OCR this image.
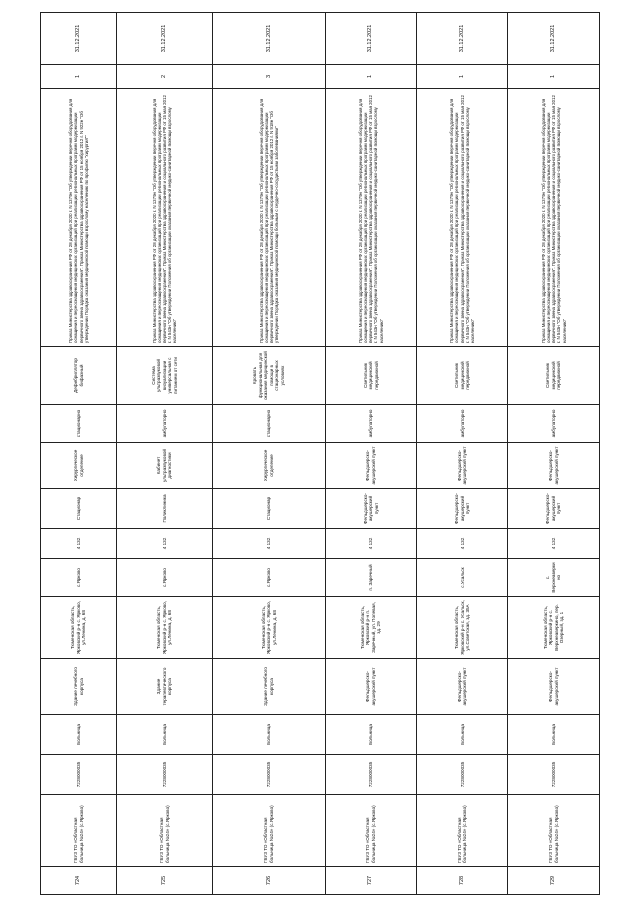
724	ГБУЗ ТО «Областная больница №24» (с.Ярково)	7228000035	Больница	Здание лечебного корпуса	Тюменская область, Ярковский р-н с. Ярково, ул.Ленина, д. 68	с.Ярково	4 132	Стационар	Хирургическое отделение	стационарно	Дефибриллятор бифазный	Приказ Министерства здравоохранения РФ от 28 декабря 2020 г. N 1379н "Об утверждении перечня оборудования для оснащения и переоснащения медицинских организаций при реализации региональных программ модернизации первичного звена здравоохранения". Приказ Министерства здравоохранения РФ от 15 ноября 2012 г. N 922н "Об утверждении Порядка оказания медицинской помощи взрослому населению по профилю "хирургия""	1	31.12.2021
725	ГБУЗ ТО «Областная больница №24» (с.Ярково)	7228000035	Больница	Здание терапевтического корпуса	Тюменская область, Ярковский р-н с. Ярково, ул.Ленина, д. 68	с.Ярково	4 132	Поликлиника	Кабинет ультразвуковой диагностики	амбулаторно	Система ультразвуковой визуализации универсальная с питанием от сети	Приказ Министерства здравоохранения РФ от 28 декабря 2020 г. N 1379н "Об утверждении перечня оборудования для оснащения и переоснащения медицинских организаций при реализации региональных программ модернизации первичного звена здравоохранения". Приказ Министерства здравоохранения и социального развития РФ от 15 мая 2012 г. N 543н "Об утверждении Положения об организации оказания первичной медико-санитарной помощи взрослому населению"	2	31.12.2021
726	ГБУЗ ТО «Областная больница №24» (с.Ярково)	7228000035	Больница	Здание лечебного корпуса	Тюменская область, Ярковский р-н с. Ярково, ул.Ленина, д. 68	с.Ярково	4 132	Стационар	Хирургическое отделение	стационарно	Кровать функциональная для оказания медицинской помощи в стационарных условиях	Приказ Министерства здравоохранения РФ от 28 декабря 2020 г. N 1379н "Об утверждении перечня оборудования для оснащения и переоснащения медицинских организаций при реализации региональных программ модернизации первичного звена здравоохранения". Приказ Министерства здравоохранения РФ от 15 ноября 2012 г. N 918н "Об утверждении Порядка оказания медицинской помощи больным с сердечно-сосудистыми заболеваниями"	3	31.12.2021
727	ГБУЗ ТО «Областная больница №24» (с.Ярково)	7228000035	Больница	Фельдшерско-акушерский пункт	Тюменская область, Ярковский р-н п. Заречный, ул. Полевая, зд. 29	п. Заречный	4 132	Фельдшерско-акушерский пункт	Фельдшерско-акушерский пункт	амбулаторно	Светильник медицинский передвижной	Приказ Министерства здравоохранения РФ от 28 декабря 2020 г. N 1379н "Об утверждении перечня оборудования для оснащения и переоснащения медицинских организаций при реализации региональных программ модернизации первичного звена здравоохранения". Приказ Министерства здравоохранения и социального развития РФ от 15 мая 2012 г. N 543н "Об утверждении Положения об организации оказания первичной медико-санитарной помощи взрослому населению"	1	31.12.2021
728	ГБУЗ ТО «Областная больница №24» (с.Ярково)	7228000035	Больница	Фельдшерско-акушерский пункт	Тюменская область, Ярковский р-н с. Усальск, ул.Советская, зд. 35А	с.Усальск	4 132	Фельдшерско-акушерский пункт	Фельдшерско-акушерский пункт	амбулаторно	Светильник медицинский передвижной	Приказ Министерства здравоохранения РФ от 28 декабря 2020 г. N 1379н "Об утверждении перечня оборудования для оснащения и переоснащения медицинских организаций при реализации региональных программ модернизации первичного звена здравоохранения". Приказ Министерства здравоохранения и социального развития РФ от 15 мая 2012 г. N 543н "Об утверждении Положения об организации оказания первичной медико-санитарной помощи взрослому населению"	1	31.12.2021
729	ГБУЗ ТО «Областная больница №24» (с.Ярково)	7228000035	Больница	Фельдшерско-акушерский пункт	Тюменская область, Ярковский р-н с. Верхнеаверкино, пер. Озерный, зд. 1	с. Верхнеаверкино	4 132	Фельдшерско-акушерский пункт	Фельдшерско-акушерский пункт	амбулаторно	Светильник медицинский передвижной	Приказ Министерства здравоохранения РФ от 28 декабря 2020 г. N 1379н "Об утверждении перечня оборудования для оснащения и переоснащения медицинских организаций при реализации региональных программ модернизации первичного звена здравоохранения". Приказ Министерства здравоохранения и социального развития РФ от 15 мая 2012 г. N 543н "Об утверждении Положения об организации оказания первичной медико-санитарной помощи взрослому населению"	1	31.12.2021
